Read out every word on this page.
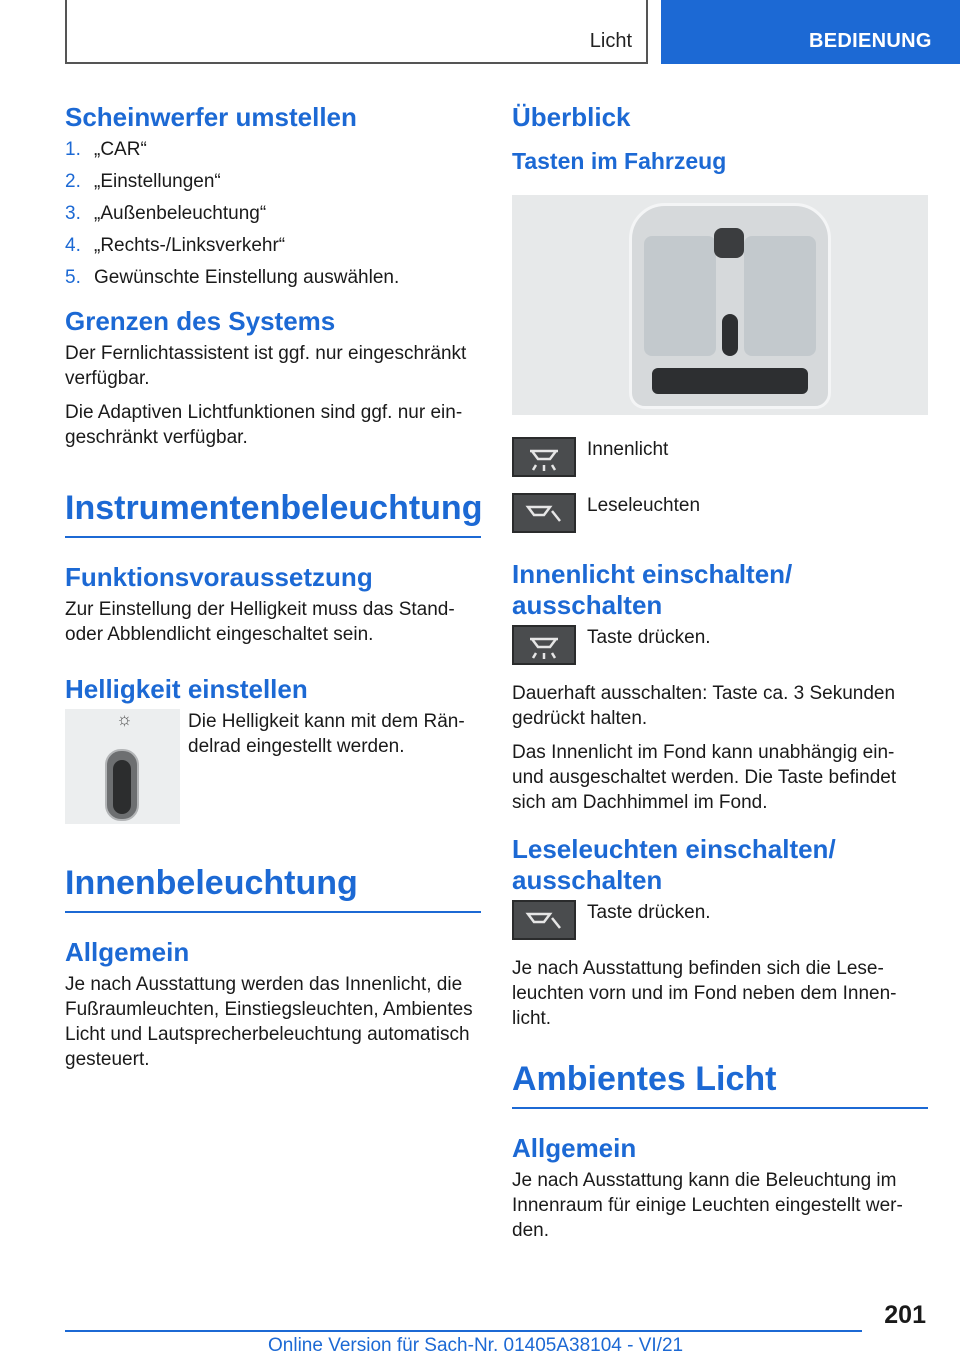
Licht	BEDIENUNG
Scheinwerfer umstellen
1. „CAR“
2. „Einstellungen“
3. „Außenbeleuchtung“
4. „Rechts-/Linksverkehr“
5. Gewünschte Einstellung auswählen.
Grenzen des Systems
Der Fernlichtassistent ist ggf. nur eingeschränkt verfügbar.
Die Adaptiven Lichtfunktionen sind ggf. nur eingeschränkt verfügbar.
Instrumentenbeleuchtung
Funktionsvoraussetzung
Zur Einstellung der Helligkeit muss das Stand- oder Abblendlicht eingeschaltet sein.
Helligkeit einstellen
☼	Die Helligkeit kann mit dem Rändelrad eingestellt werden.
Innenbeleuchtung
Allgemein
Je nach Ausstattung werden das Innenlicht, die Fußraumleuchten, Einstiegsleuchten, Ambientes Licht und Lautsprecherbeleuchtung automatisch gesteuert.
Überblick
Tasten im Fahrzeug
Innenlicht
Leseleuchten
Innenlicht einschalten/ ausschalten
Taste drücken.
Dauerhaft ausschalten: Taste ca. 3 Sekunden gedrückt halten.
Das Innenlicht im Fond kann unabhängig ein- und ausgeschaltet werden. Die Taste befindet sich am Dachhimmel im Fond.
Leseleuchten einschalten/ ausschalten
Taste drücken.
Je nach Ausstattung befinden sich die Leseleuchten vorn und im Fond neben dem Innenlicht.
Ambientes Licht
Allgemein
Je nach Ausstattung kann die Beleuchtung im Innenraum für einige Leuchten eingestellt werden.
201
Online Version für Sach-Nr. 01405A38104 - VI/21
